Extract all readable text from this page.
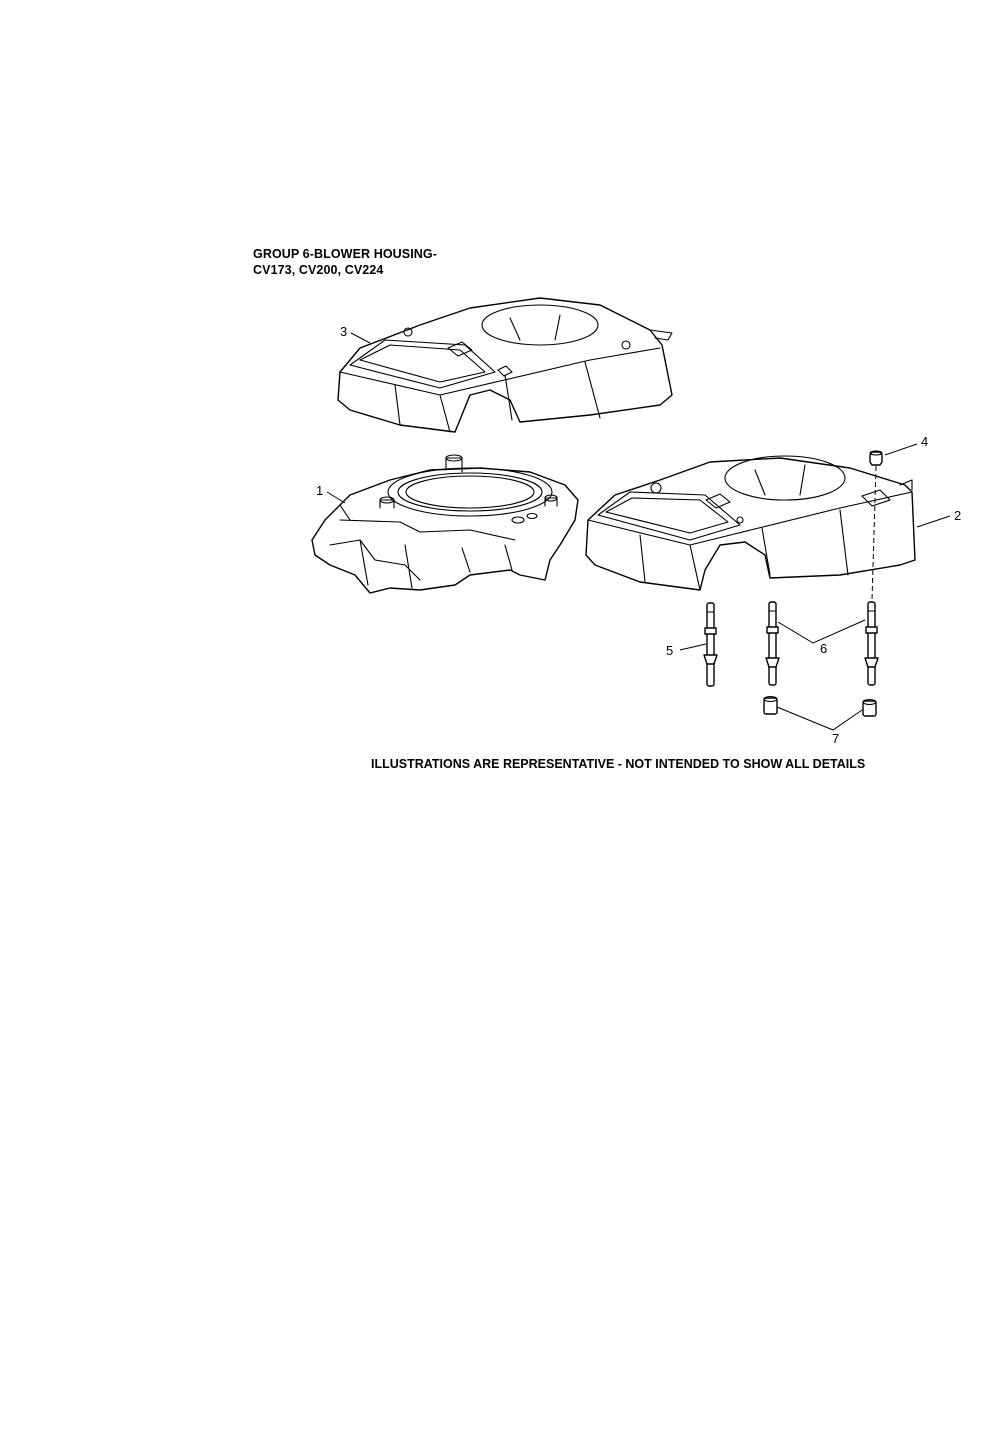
GROUP 6-BLOWER HOUSING-
CV173, CV200, CV224
3
1
4
2
5	6
7
ILLUSTRATIONS ARE REPRESENTATIVE - NOT INTENDED TO SHOW ALL DETAILS
